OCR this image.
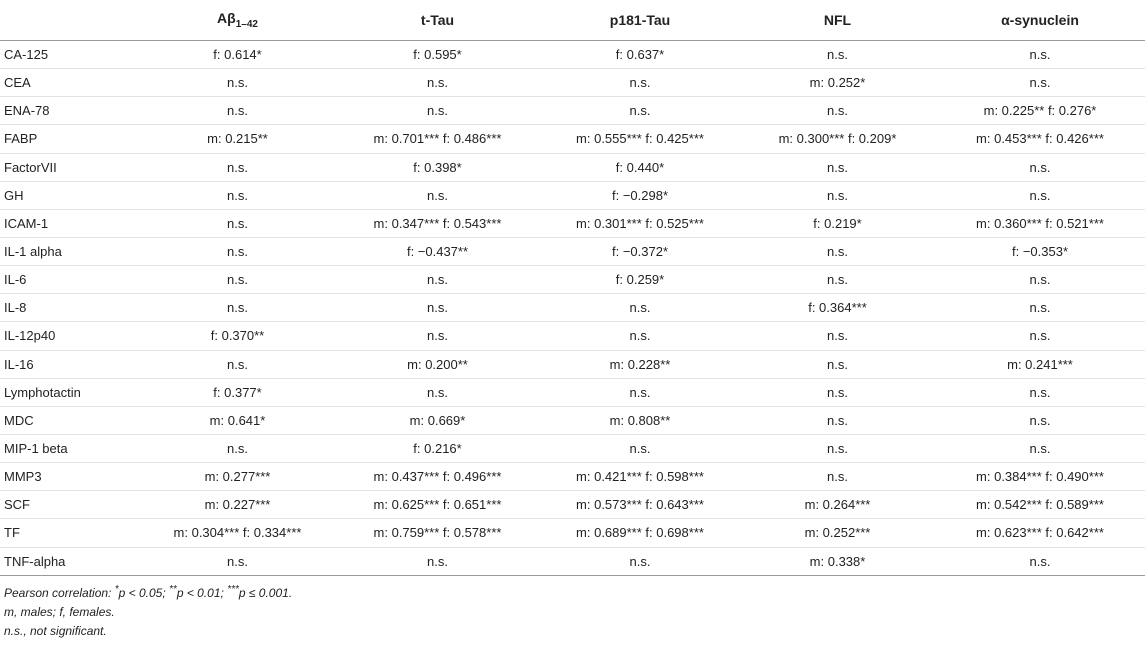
	$A\beta_{1-42}$	t-Tau	p181-Tau	NFL	α-synuclein
CA-125	f: 0.614*	f: 0.595*	f: 0.637*	n.s.	n.s.
CEA	n.s.	n.s.	n.s.	m: 0.252*	n.s.
ENA-78	n.s.	n.s.	n.s.	n.s.	m: 0.225** f: 0.276*
FABP	m: 0.215**	m: 0.701*** f: 0.486***	m: 0.555*** f: 0.425***	m: 0.300*** f: 0.209*	m: 0.453*** f: 0.426***
FactorVII	n.s.	f: 0.398*	f: 0.440*	n.s.	n.s.
GH	n.s.	n.s.	f: −0.298*	n.s.	n.s.
ICAM-1	n.s.	m: 0.347*** f: 0.543***	m: 0.301*** f: 0.525***	f: 0.219*	m: 0.360*** f: 0.521***
IL-1 alpha	n.s.	f: −0.437**	f: −0.372*	n.s.	f: −0.353*
IL-6	n.s.	n.s.	f: 0.259*	n.s.	n.s.
IL-8	n.s.	n.s.	n.s.	f: 0.364***	n.s.
IL-12p40	f: 0.370**	n.s.	n.s.	n.s.	n.s.
IL-16	n.s.	m: 0.200**	m: 0.228**	n.s.	m: 0.241***
Lymphotactin	f: 0.377*	n.s.	n.s.	n.s.	n.s.
MDC	m: 0.641*	m: 0.669*	m: 0.808**	n.s.	n.s.
MIP-1 beta	n.s.	f: 0.216*	n.s.	n.s.	n.s.
MMP3	m: 0.277***	m: 0.437*** f: 0.496***	m: 0.421*** f: 0.598***	n.s.	m: 0.384*** f: 0.490***
SCF	m: 0.227***	m: 0.625*** f: 0.651***	m: 0.573*** f: 0.643***	m: 0.264***	m: 0.542*** f: 0.589***
TF	m: 0.304*** f: 0.334***	m: 0.759*** f: 0.578***	m: 0.689*** f: 0.698***	m: 0.252***	m: 0.623*** f: 0.642***
TNF-alpha	n.s.	n.s.	n.s.	m: 0.338*	n.s.

Pearson correlation: *p < 0.05; **p < 0.01; ***p ≤ 0.001.

m, males; f, females.

n.s., not significant.
